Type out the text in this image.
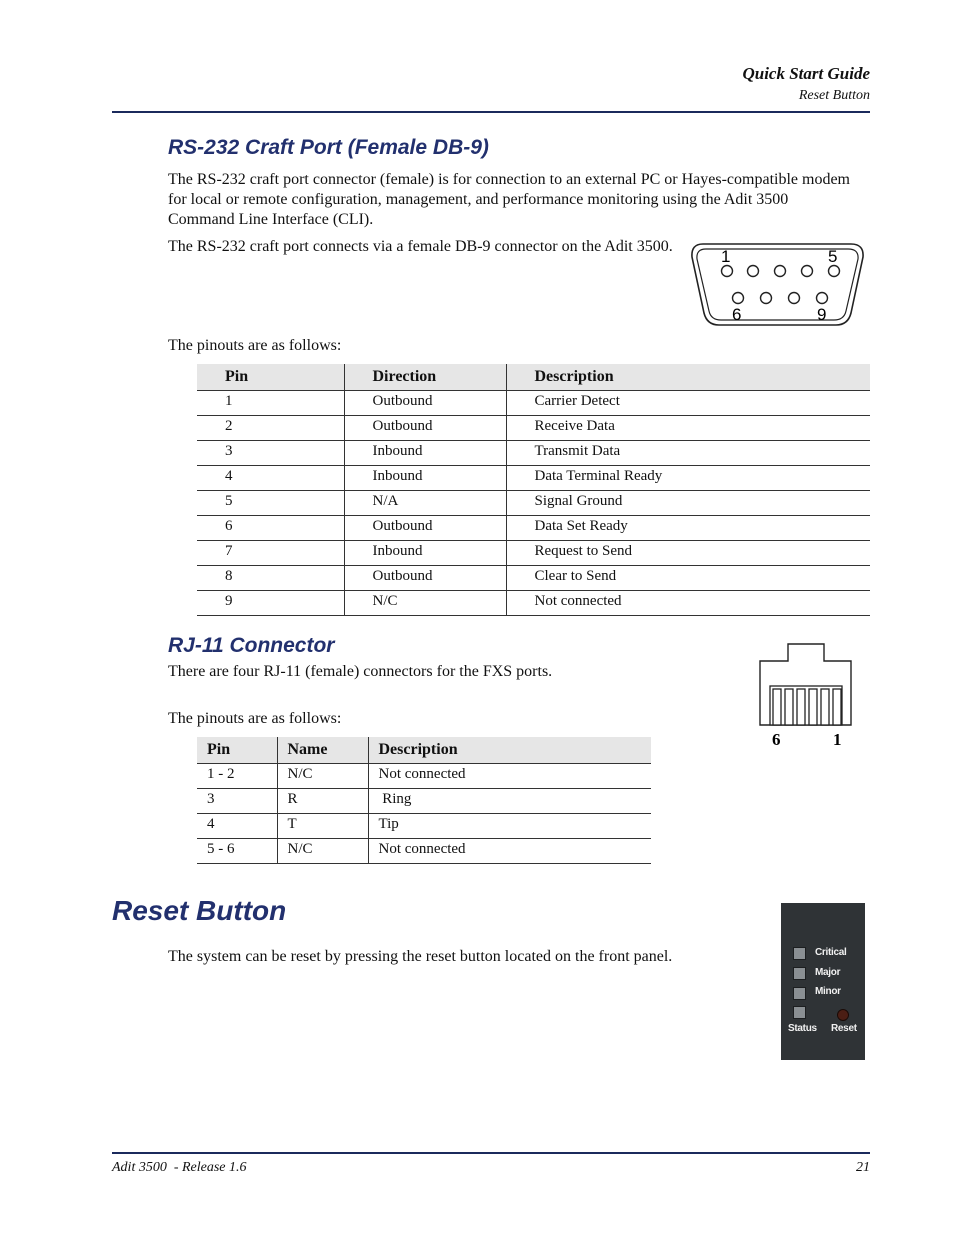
Quick Start Guide
Reset Button
RS-232 Craft Port (Female DB-9)

The RS-232 craft port connector (female) is for connection to an external PC or Hayes-compatible modem for local or remote configuration, management, and performance monitoring using the Adit 3500 Command Line Interface (CLI).

The RS-232 craft port connects via a female DB-9 connector on the Adit 3500.

1	5
6	9

The pinouts are as follows:

Pin	Direction	Description
1	Outbound	Carrier Detect
2	Outbound	Receive Data
3	Inbound	Transmit Data
4	Inbound	Data Terminal Ready
5	N/A	Signal Ground
6	Outbound	Data Set Ready
7	Inbound	Request to Send
8	Outbound	Clear to Send
9	N/C	Not connected
RJ-11 Connector

There are four RJ-11 (female) connectors for the FXS ports.

6	1

The pinouts are as follows:

Pin	Name	Description
1 - 2	N/C	Not connected
3	R	Ring
4	T	Tip
5 - 6	N/C	Not connected
Reset Button

The system can be reset by pressing the reset button located on the front panel.	Critical
Major
Minor
Status Reset
Adit 3500  - Release 1.6	21
